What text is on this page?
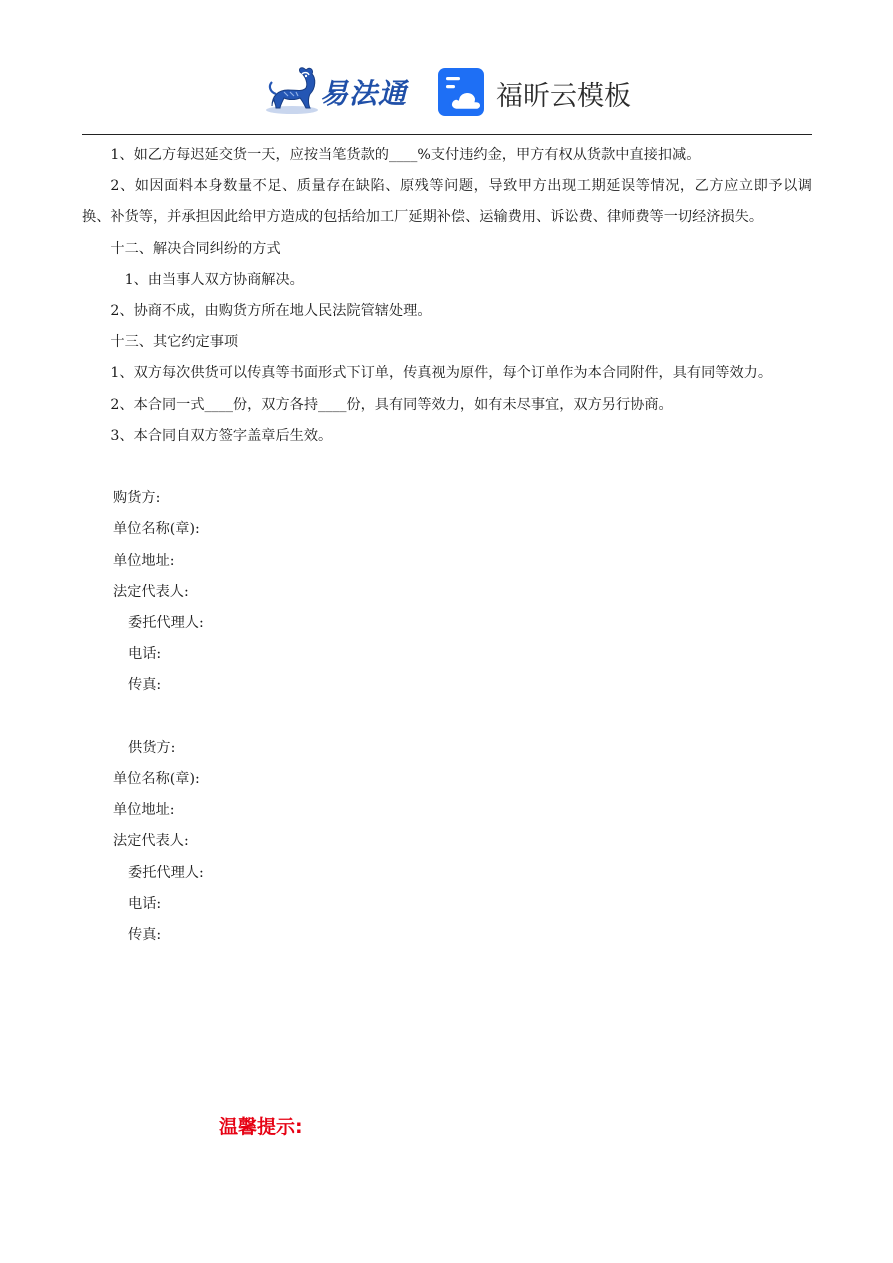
易法通	福昕云模板

1、如乙方每迟延交货一天，应按当笔货款的____%支付违约金，甲方有权从货款中直接扣减。

2、如因面料本身数量不足、质量存在缺陷、原残等问题，导致甲方出现工期延误等情况，乙方应立即予以调换、补货等，并承担因此给甲方造成的包括给加工厂延期补偿、运输费用、诉讼费、律师费等一切经济损失。

十二、解决合同纠纷的方式

1、由当事人双方协商解决。

2、协商不成，由购货方所在地人民法院管辖处理。

十三、其它约定事项

1、双方每次供货可以传真等书面形式下订单，传真视为原件，每个订单作为本合同附件，具有同等效力。

2、本合同一式____份，双方各持____份，具有同等效力，如有未尽事宜，双方另行协商。

3、本合同自双方签字盖章后生效。

购货方:

单位名称(章):

单位地址:

法定代表人:

委托代理人:

电话:

传真:

供货方:

单位名称(章):

单位地址:

法定代表人:

委托代理人:

电话:

传真:

温馨提示:
